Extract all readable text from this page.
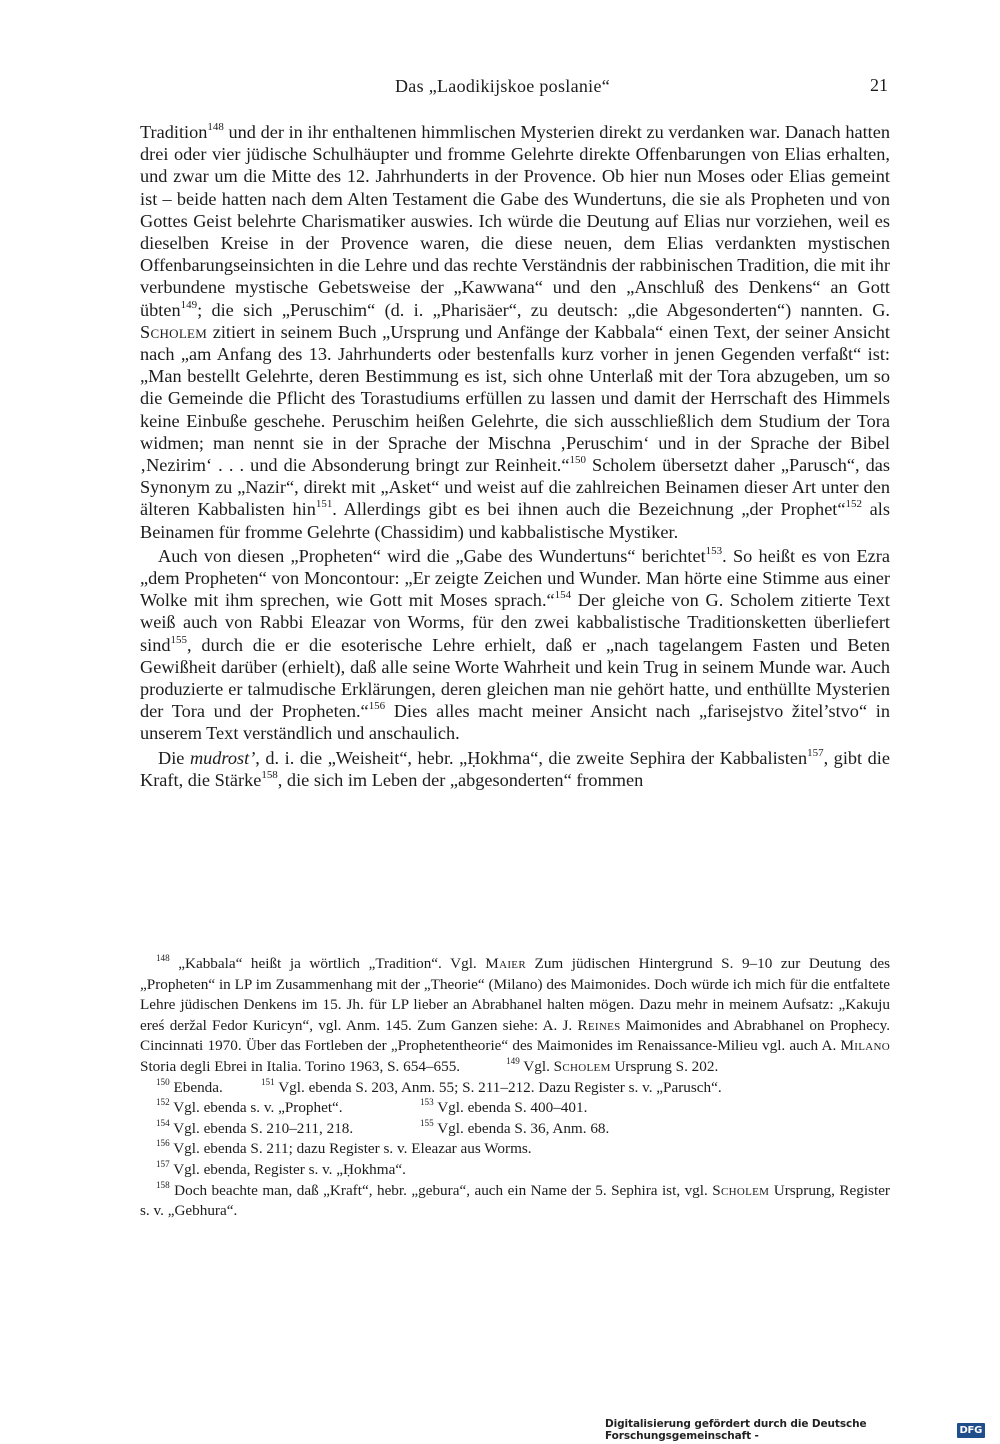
Das „Laodikijskoe poslanie“	21

Tradition$^{148}$ und der in ihr enthaltenen himmlischen Mysterien direkt zu verdanken war. Danach hatten drei oder vier jüdische Schulhäupter und fromme Gelehrte direkte Offenbarungen von Elias erhalten, und zwar um die Mitte des 12. Jahrhunderts in der Provence. Ob hier nun Moses oder Elias gemeint ist – beide hatten nach dem Alten Testament die Gabe des Wundertuns, die sie als Propheten und von Gottes Geist belehrte Charismatiker auswies. Ich würde die Deutung auf Elias nur vorziehen, weil es dieselben Kreise in der Provence waren, die diese neuen, dem Elias verdankten mystischen Offenbarungseinsichten in die Lehre und das rechte Verständnis der rabbinischen Tradition, die mit ihr verbundene mystische Gebetsweise der „Kawwana“ und den „Anschluß des Denkens“ an Gott übten$^{149}$; die sich „Peruschim“ (d. i. „Pharisäer“, zu deutsch: „die Abgesonderten“) nannten. G. Scholem zitiert in seinem Buch „Ursprung und Anfänge der Kabbala“ einen Text, der seiner Ansicht nach „am Anfang des 13. Jahrhunderts oder bestenfalls kurz vorher in jenen Gegenden verfaßt“ ist: „Man bestellt Gelehrte, deren Bestimmung es ist, sich ohne Unterlaß mit der Tora abzugeben, um so die Gemeinde die Pflicht des Torastudiums erfüllen zu lassen und damit der Herrschaft des Himmels keine Einbuße geschehe. Peruschim heißen Gelehrte, die sich ausschließlich dem Studium der Tora widmen; man nennt sie in der Sprache der Mischna ‚Peruschim‘ und in der Sprache der Bibel ‚Nezirim‘ . . . und die Absonderung bringt zur Reinheit.“$^{150}$ Scholem übersetzt daher „Parusch“, das Synonym zu „Nazir“, direkt mit „Asket“ und weist auf die zahlreichen Beinamen dieser Art unter den älteren Kabbalisten hin$^{151}$. Allerdings gibt es bei ihnen auch die Bezeichnung „der Prophet“$^{152}$ als Beinamen für fromme Gelehrte (Chassidim) und kabbalistische Mystiker.

Auch von diesen „Propheten“ wird die „Gabe des Wundertuns“ berichtet$^{153}$. So heißt es von Ezra „dem Propheten“ von Moncontour: „Er zeigte Zeichen und Wunder. Man hörte eine Stimme aus einer Wolke mit ihm sprechen, wie Gott mit Moses sprach.“$^{154}$ Der gleiche von G. Scholem zitierte Text weiß auch von Rabbi Eleazar von Worms, für den zwei kabbalistische Traditionsketten überliefert sind$^{155}$, durch die er die esoterische Lehre erhielt, daß er „nach tagelangem Fasten und Beten Gewißheit darüber (erhielt), daß alle seine Worte Wahrheit und kein Trug in seinem Munde war. Auch produzierte er talmudische Erklärungen, deren gleichen man nie gehört hatte, und enthüllte Mysterien der Tora und der Propheten.“$^{156}$ Dies alles macht meiner Ansicht nach „farisejstvo žitel’stvo“ in unserem Text verständlich und anschaulich.

Die mudrost’, d. i. die „Weisheit“, hebr. „Ḥokhma“, die zweite Sephira der Kabbalisten$^{157}$, gibt die Kraft, die Stärke$^{158}$, die sich im Leben der „abgesonderten“ frommen

$^{148}$ „Kabbala“ heißt ja wörtlich „Tradition“. Vgl. Maier Zum jüdischen Hintergrund S. 9–10 zur Deutung des „Propheten“ in LP im Zusammenhang mit der „Theorie“ (Milano) des Maimonides. Doch würde ich mich für die entfaltete Lehre jüdischen Denkens im 15. Jh. für LP lieber an Abrabhanel halten mögen. Dazu mehr in meinem Aufsatz: „Kakuju ereś deržal Fedor Kuricyn“, vgl. Anm. 145. Zum Ganzen siehe: A. J. Reines Maimonides and Abrabhanel on Prophecy. Cincinnati 1970. Über das Fortleben der „Prophetentheorie“ des Maimonides im Renaissance-Milieu vgl. auch A. Milano Storia degli Ebrei in Italia. Torino 1963, S. 654–655.	$^{149}$ Vgl. Scholem Ursprung S. 202.

$^{150}$ Ebenda.	$^{151}$ Vgl. ebenda S. 203, Anm. 55; S. 211–212. Dazu Register s. v. „Parusch“.
$^{152}$ Vgl. ebenda s. v. „Prophet“.	$^{153}$ Vgl. ebenda S. 400–401.
$^{154}$ Vgl. ebenda S. 210–211, 218.	$^{155}$ Vgl. ebenda S. 36, Anm. 68.

$^{156}$ Vgl. ebenda S. 211; dazu Register s. v. Eleazar aus Worms.

$^{157}$ Vgl. ebenda, Register s. v. „Ḥokhma“.

$^{158}$ Doch beachte man, daß „Kraft“, hebr. „gebura“, auch ein Name der 5. Sephira ist, vgl. Scholem Ursprung, Register s. v. „Gebhura“.

Digitalisierung gefördert durch die Deutsche Forschungsgemeinschaft -	DFG
